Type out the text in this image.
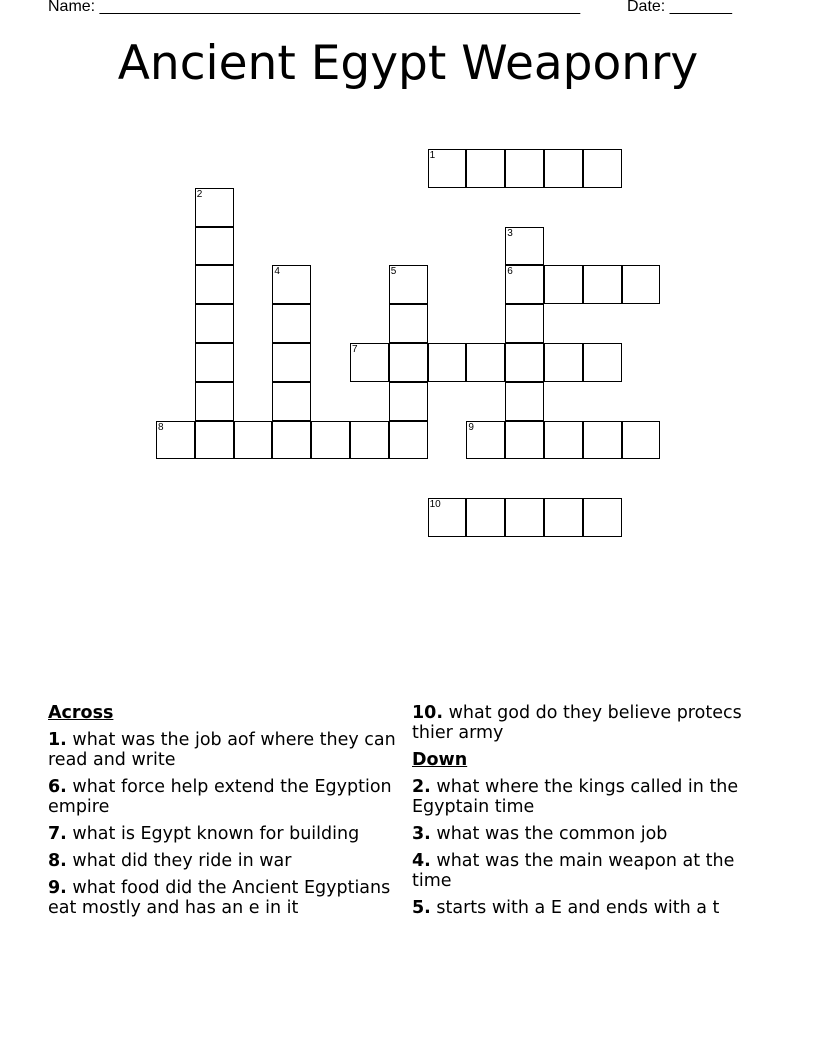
Name: ______________________________________________________	Date: _______
Ancient Egypt Weaponry
1
2
3
6
4	5
7
8	9
10
Across
1. what was the job aof where they can read and write
6. what force help extend the Egyption empire
7. what is Egypt known for building
8. what did they ride in war
9. what food did the Ancient Egyptians eat mostly and has an e in it
10. what god do they believe protecs thier army
Down
2. what where the kings called in the Egyptain time
3. what was the common job
4. what was the main weapon at the time
5. starts with a E and ends with a t
